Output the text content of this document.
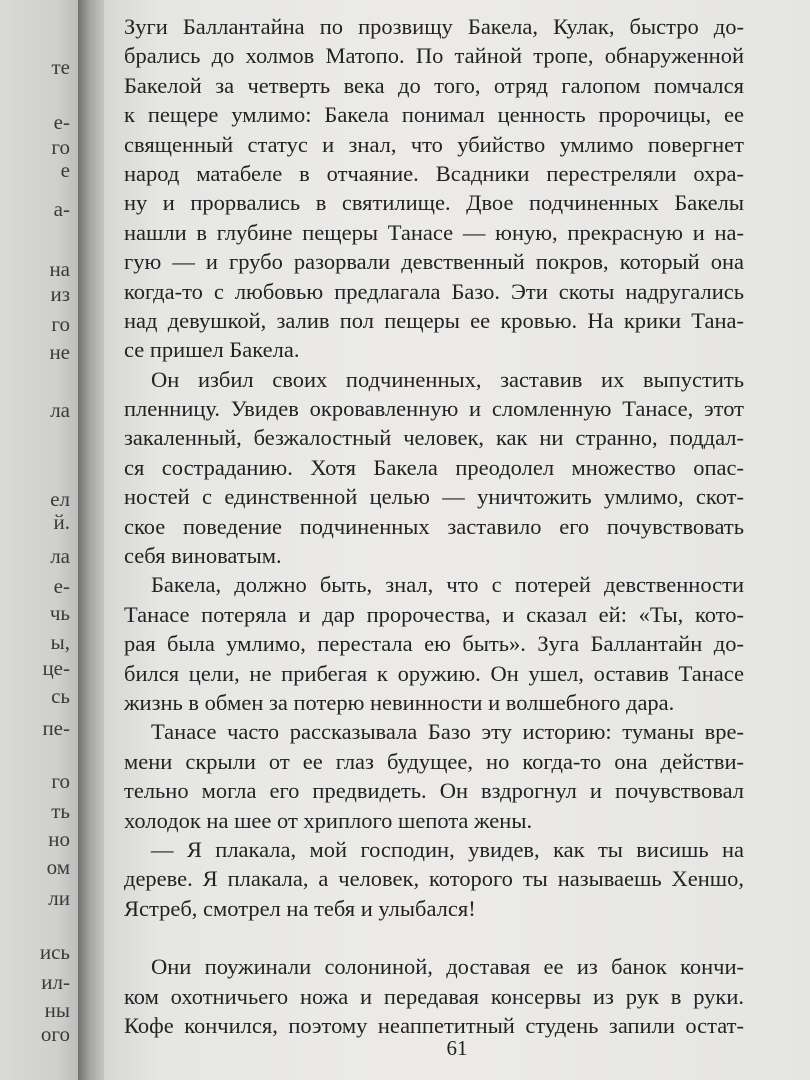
те
е-
го
е
а-
на
из
го
не
ла
ел
й.
ла
е-
чь
ы,
це-
сь
пе-
го
ть
но
ом
ли
ись
ил-
ны
ого
Зуги Баллантайна по прозвищу Бакела, Кулак, быстро до-
брались до холмов Матопо. По тайной тропе, обнаруженной
Бакелой за четверть века до того, отряд галопом помчался
к пещере умлимо: Бакела понимал ценность пророчицы, ее
священный статус и знал, что убийство умлимо повергнет
народ матабеле в отчаяние. Всадники перестреляли охра-
ну и прорвались в святилище. Двое подчиненных Бакелы
нашли в глубине пещеры Танасе — юную, прекрасную и на-
гую — и грубо разорвали девственный покров, который она
когда-то с любовью предлагала Базо. Эти скоты надругались
над девушкой, залив пол пещеры ее кровью. На крики Тана-
се пришел Бакела.
Он избил своих подчиненных, заставив их выпустить
пленницу. Увидев окровавленную и сломленную Танасе, этот
закаленный, безжалостный человек, как ни странно, поддал-
ся состраданию. Хотя Бакела преодолел множество опас-
ностей с единственной целью — уничтожить умлимо, скот-
ское поведение подчиненных заставило его почувствовать
себя виноватым.
Бакела, должно быть, знал, что с потерей девственности
Танасе потеряла и дар пророчества, и сказал ей: «Ты, кото-
рая была умлимо, перестала ею быть». Зуга Баллантайн до-
бился цели, не прибегая к оружию. Он ушел, оставив Танасе
жизнь в обмен за потерю невинности и волшебного дара.
Танасе часто рассказывала Базо эту историю: туманы вре-
мени скрыли от ее глаз будущее, но когда-то она действи-
тельно могла его предвидеть. Он вздрогнул и почувствовал
холодок на шее от хриплого шепота жены.
— Я плакала, мой господин, увидев, как ты висишь на
дереве. Я плакала, а человек, которого ты называешь Хеншо,
Ястреб, смотрел на тебя и улыбался!
Они поужинали солониной, доставая ее из банок кончи-
ком охотничьего ножа и передавая консервы из рук в руки.
Кофе кончился, поэтому неаппетитный студень запили остат-
61
